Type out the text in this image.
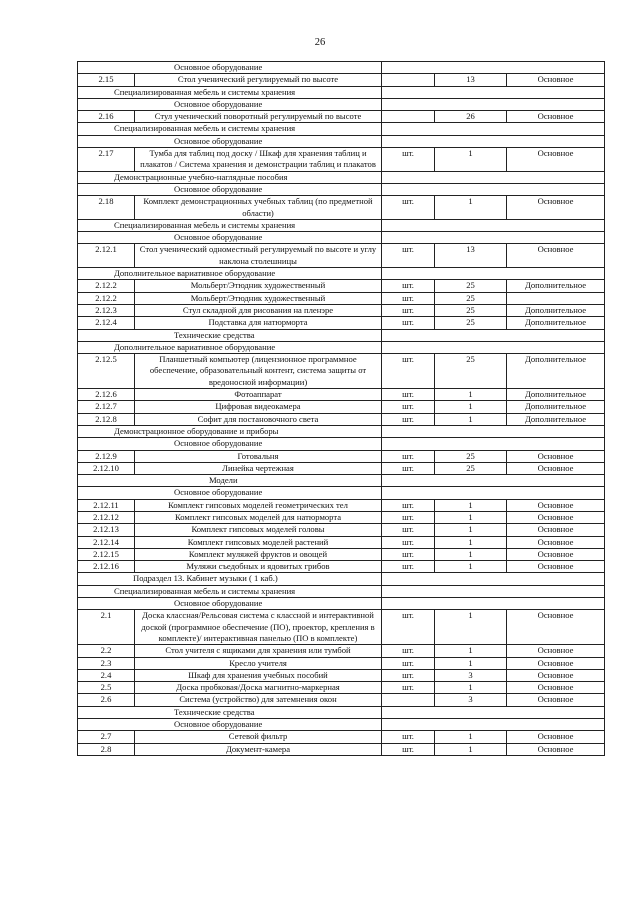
26
Основное оборудование				
2.15	Стол ученический регулируемый по высоте		13	Основное
Специализированная мебель и системы хранения				
Основное оборудование				
2.16	Стул ученический поворотный регулируемый по высоте		26	Основное
Специализированная мебель и системы хранения				
Основное оборудование				
2.17	Тумба для таблиц под доску / Шкаф для хранения таблиц и плакатов / Система хранения и демонстрации таблиц и плакатов	шт.	1	Основное
Демонстрационные учебно-наглядные пособия				
Основное оборудование				
2.18	Комплект демонстрационных учебных таблиц (по предметной области)	шт.	1	Основное
Специализированная мебель и системы хранения				
Основное оборудование				
2.12.1	Стол ученический одноместный регулируемый по высоте и углу наклона столешницы	шт.	13	Основное
Дополнительное вариативное оборудование				
2.12.2	Мольберт/Этюдник художественный	шт.	25	Дополнительное
2.12.2	Мольберт/Этюдник художественный	шт.	25	
2.12.3	Стул складной для рисования на пленэре	шт.	25	Дополнительное
2.12.4	Подставка для натюрморта	шт.	25	Дополнительное
Технические средства				
Дополнительное вариативное оборудование				
2.12.5	Планшетный компьютер (лицензионное программное обеспечение, образовательный контент, система защиты от вредоносной информации)	шт.	25	Дополнительное
2.12.6	Фотоаппарат	шт.	1	Дополнительное
2.12.7	Цифровая видеокамера	шт.	1	Дополнительное
2.12.8	Софит для постановочного света	шт.	1	Дополнительное
Демонстрационное оборудование и приборы				
Основное оборудование				
2.12.9	Готовальня	шт.	25	Основное
2.12.10	Линейка чертежная	шт.	25	Основное
Модели				
Основное оборудование				
2.12.11	Комплект гипсовых моделей геометрических тел	шт.	1	Основное
2.12.12	Комплект гипсовых моделей для натюрморта	шт.	1	Основное
2.12.13	Комплект гипсовых моделей головы	шт.	1	Основное
2.12.14	Комплект гипсовых моделей растений	шт.	1	Основное
2.12.15	Комплект муляжей фруктов и овощей	шт.	1	Основное
2.12.16	Муляжи съедобных и ядовитых грибов	шт.	1	Основное
Подраздел 13. Кабинет музыки ( 1 каб.)				
Специализированная мебель и системы хранения				
Основное оборудование				
2.1	Доска классная/Рельсовая система с классной и интерактивной доской (программное обеспечение (ПО), проектор, крепления в комплекте)/ интерактивная панелью (ПО в комплекте)	шт.	1	Основное
2.2	Стол учителя с ящиками для хранения или тумбой	шт.	1	Основное
2.3	Кресло учителя	шт.	1	Основное
2.4	Шкаф для хранения учебных пособий	шт.	3	Основное
2.5	Доска пробковая/Доска магнитно-маркерная	шт.	1	Основное
2.6	Система (устройство) для затемнения окон		3	Основное
Технические средства				
Основное оборудование				
2.7	Сетевой фильтр	шт.	1	Основное
2.8	Документ-камера	шт.	1	Основное
